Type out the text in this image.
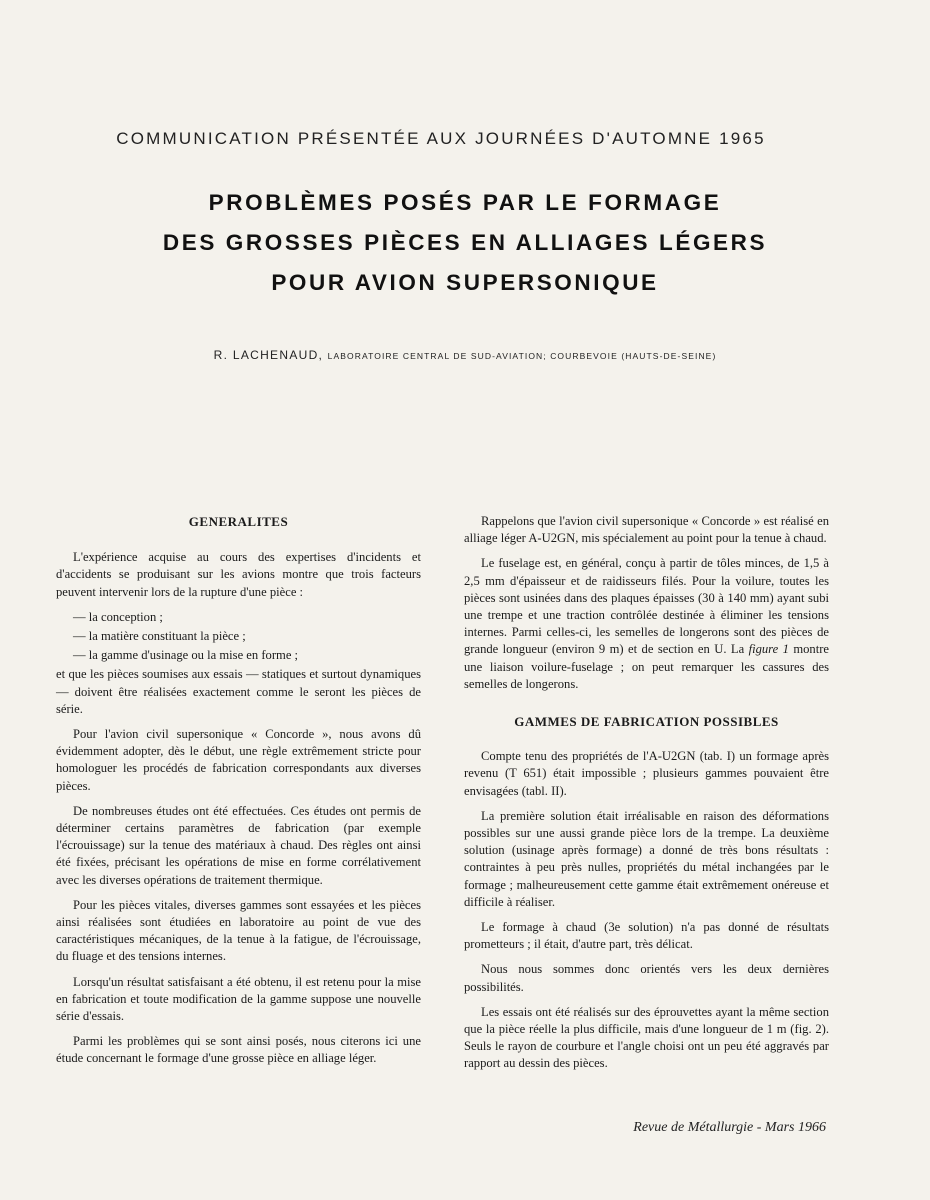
COMMUNICATION PRÉSENTÉE AUX JOURNÉES D'AUTOMNE 1965
PROBLÈMES POSÉS PAR LE FORMAGE
DES GROSSES PIÈCES EN ALLIAGES LÉGERS
POUR AVION SUPERSONIQUE
R. LACHENAUD, LABORATOIRE CENTRAL DE SUD-AVIATION; COURBEVOIE (HAUTS-DE-SEINE)
GENERALITES

L'expérience acquise au cours des expertises d'incidents et d'accidents se produisant sur les avions montre que trois facteurs peuvent intervenir lors de la rupture d'une pièce :

— la conception ;
— la matière constituant la pièce ;
— la gamme d'usinage ou la mise en forme ;

et que les pièces soumises aux essais — statiques et surtout dynamiques — doivent être réalisées exactement comme le seront les pièces de série.

Pour l'avion civil supersonique « Concorde », nous avons dû évidemment adopter, dès le début, une règle extrêmement stricte pour homologuer les procédés de fabrication correspondants aux diverses pièces.

De nombreuses études ont été effectuées. Ces études ont permis de déterminer certains paramètres de fabrication (par exemple l'écrouissage) sur la tenue des matériaux à chaud. Des règles ont ainsi été fixées, précisant les opérations de mise en forme corrélativement avec les diverses opérations de traitement thermique.

Pour les pièces vitales, diverses gammes sont essayées et les pièces ainsi réalisées sont étudiées en laboratoire au point de vue des caractéristiques mécaniques, de la tenue à la fatigue, de l'écrouissage, du fluage et des tensions internes.

Lorsqu'un résultat satisfaisant a été obtenu, il est retenu pour la mise en fabrication et toute modification de la gamme suppose une nouvelle série d'essais.

Parmi les problèmes qui se sont ainsi posés, nous citerons ici une étude concernant le formage d'une grosse pièce en alliage léger.

Rappelons que l'avion civil supersonique « Concorde » est réalisé en alliage léger A-U2GN, mis spécialement au point pour la tenue à chaud.

Le fuselage est, en général, conçu à partir de tôles minces, de 1,5 à 2,5 mm d'épaisseur et de raidisseurs filés. Pour la voilure, toutes les pièces sont usinées dans des plaques épaisses (30 à 140 mm) ayant subi une trempe et une traction contrôlée destinée à éliminer les tensions internes. Parmi celles-ci, les semelles de longerons sont des pièces de grande longueur (environ 9 m) et de section en U. La figure 1 montre une liaison voilure-fuselage ; on peut remarquer les cassures des semelles de longerons.

GAMMES DE FABRICATION POSSIBLES

Compte tenu des propriétés de l'A-U2GN (tab. I) un formage après revenu (T 651) était impossible ; plusieurs gammes pouvaient être envisagées (tabl. II).

La première solution était irréalisable en raison des déformations possibles sur une aussi grande pièce lors de la trempe. La deuxième solution (usinage après formage) a donné de très bons résultats : contraintes à peu près nulles, propriétés du métal inchangées par le formage ; malheureusement cette gamme était extrêmement onéreuse et difficile à réaliser.

Le formage à chaud (3e solution) n'a pas donné de résultats prometteurs ; il était, d'autre part, très délicat.

Nous nous sommes donc orientés vers les deux dernières possibilités.

Les essais ont été réalisés sur des éprouvettes ayant la même section que la pièce réelle la plus difficile, mais d'une longueur de 1 m (fig. 2). Seuls le rayon de courbure et l'angle choisi ont un peu été aggravés par rapport au dessin des pièces.

Revue de Métallurgie - Mars 1966
